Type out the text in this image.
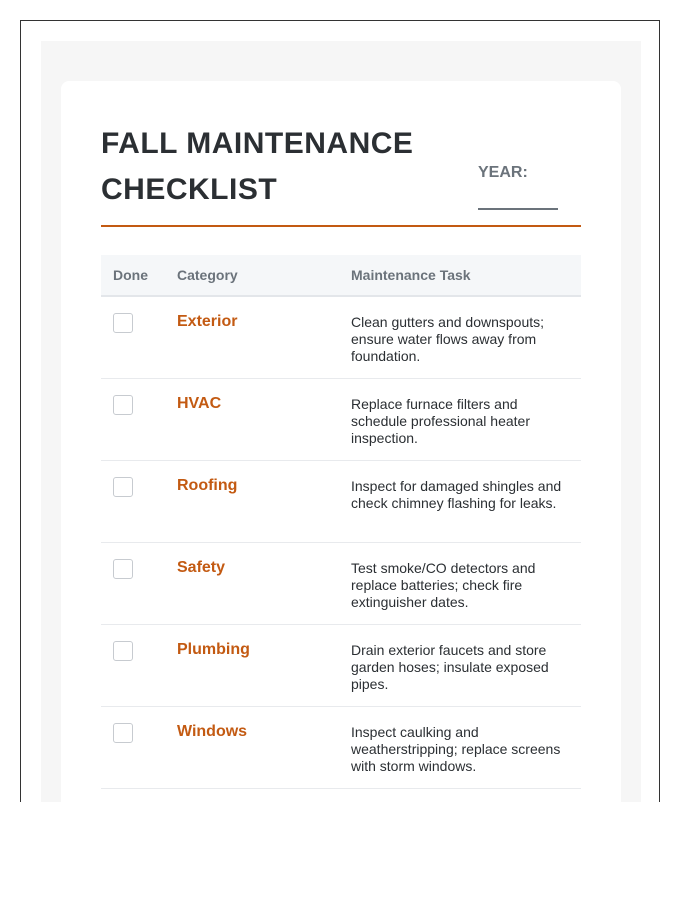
FALL MAINTENANCE CHECKLIST
YEAR:
Done	Category	Maintenance Task

	Exterior	Clean gutters and downspouts; ensure water flows away from foundation.

	HVAC	Replace furnace filters and schedule professional heater inspection.

	Roofing	Inspect for damaged shingles and check chimney flashing for leaks.

	Safety	Test smoke/CO detectors and replace batteries; check fire extinguisher dates.

	Plumbing	Drain exterior faucets and store garden hoses; insulate exposed pipes.

	Windows	Inspect caulking and weatherstripping; replace screens with storm windows.
